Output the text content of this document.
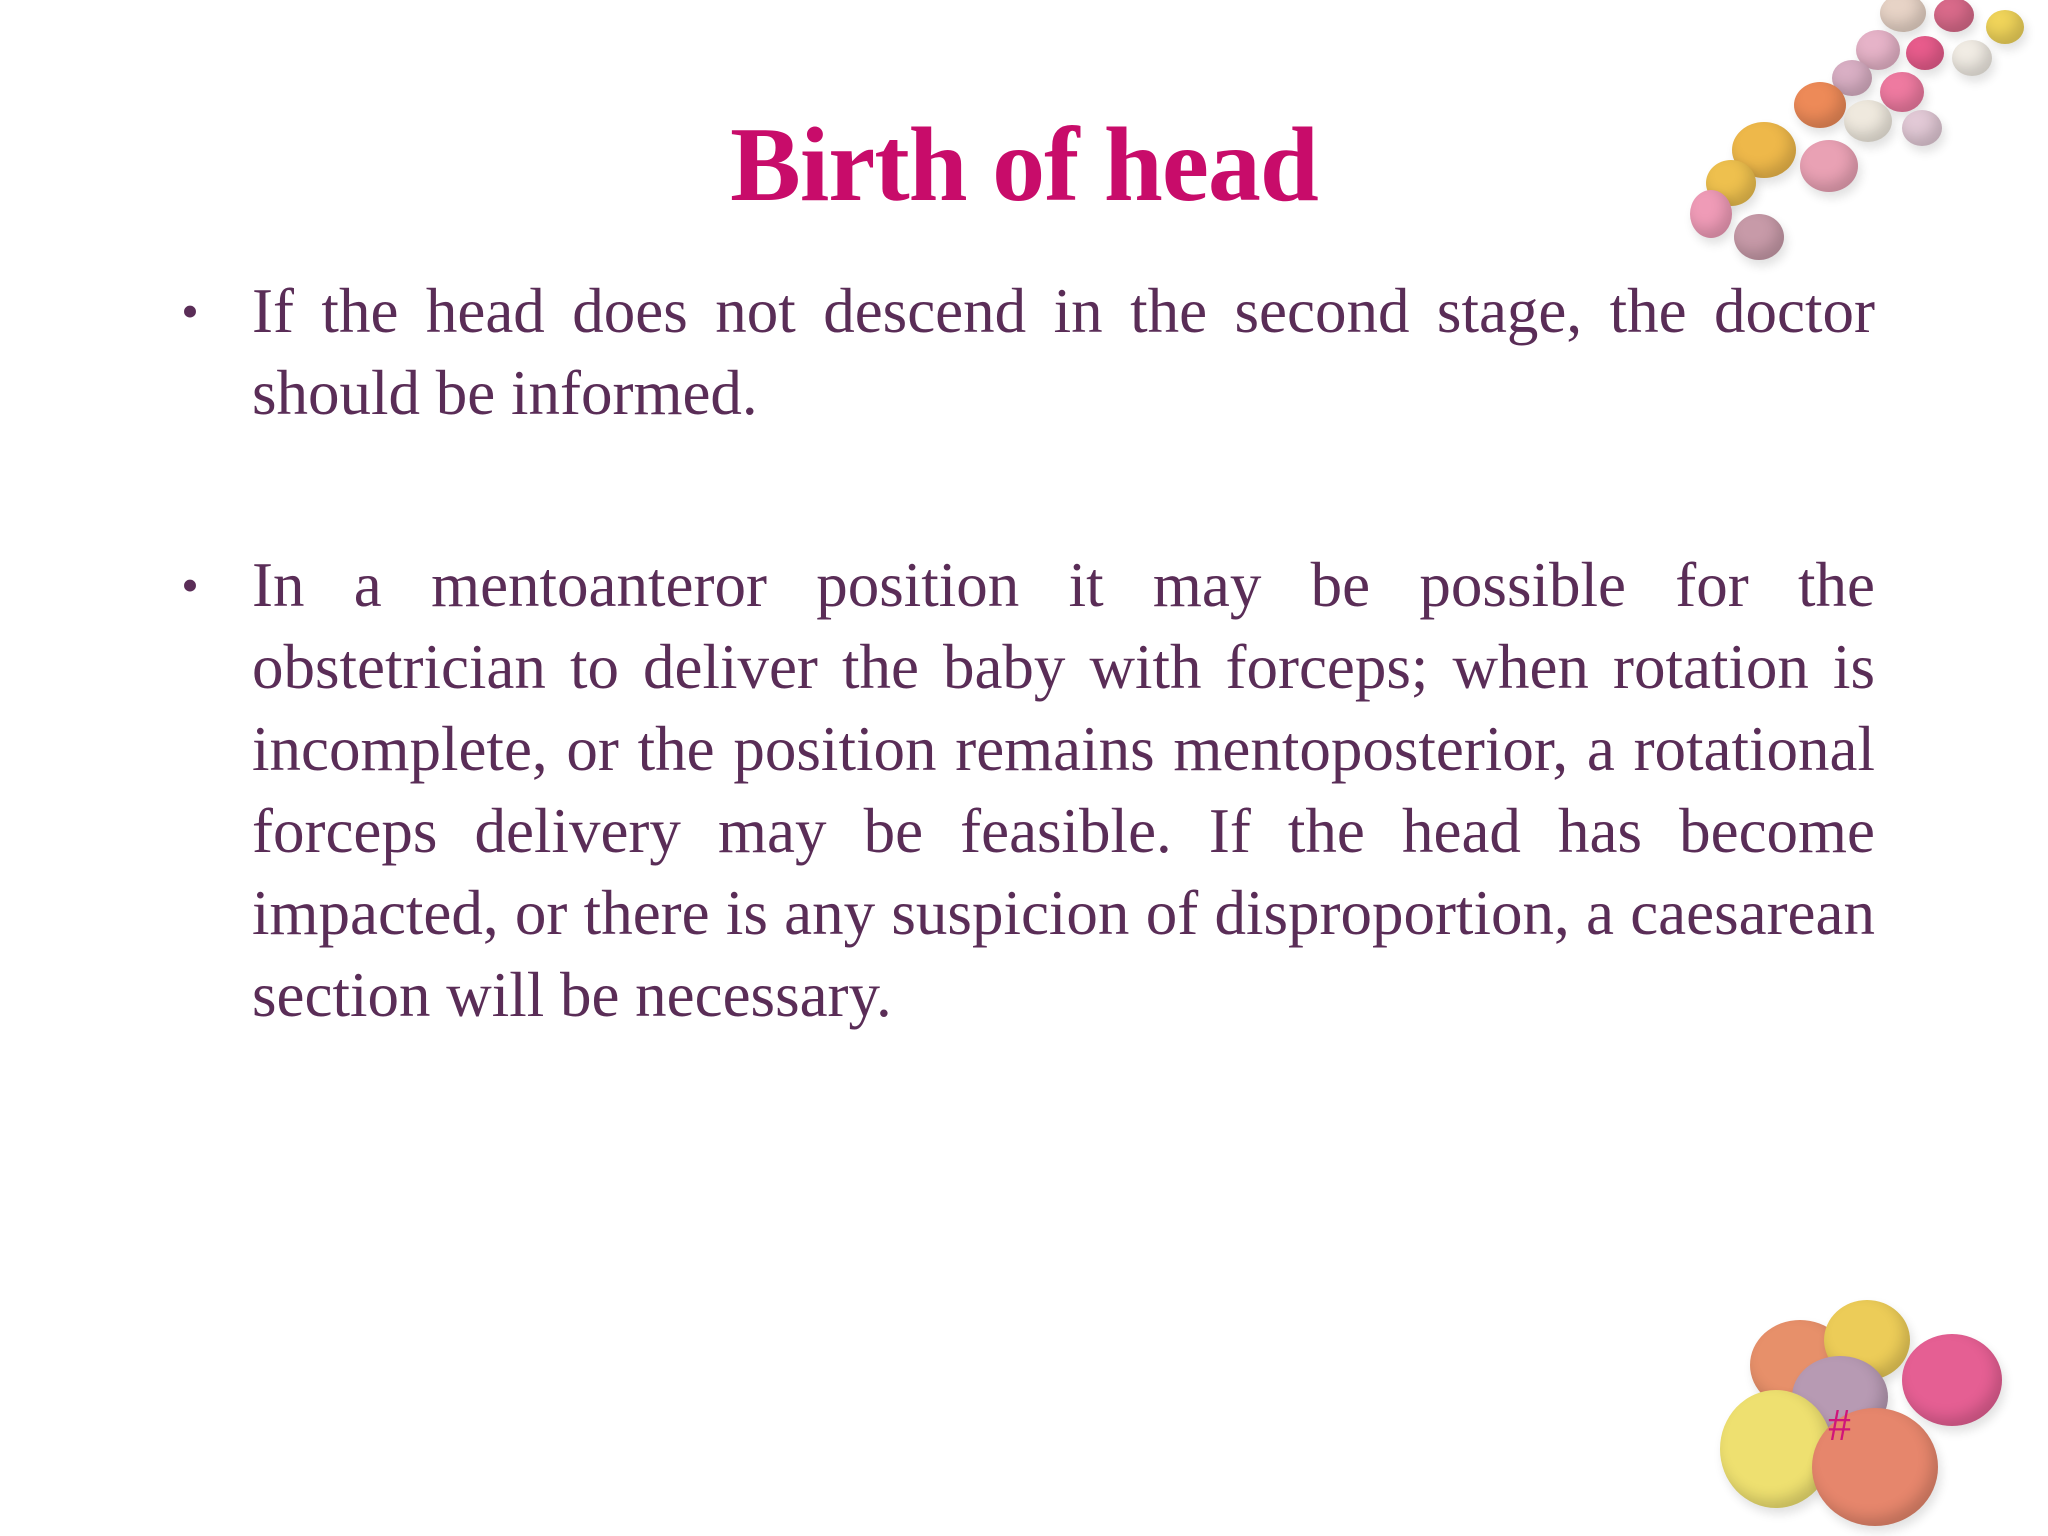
Birth of head
• If the head does not descend in the second stage, the doctor should be informed.
• In a mentoanteror position it may be possible for the obstetrician to deliver the baby with forceps; when rotation is incomplete, or the position remains mentoposterior, a rotational forceps delivery may be feasible. If the head has become impacted, or there is any suspicion of disproportion, a caesarean section will be necessary.
#
